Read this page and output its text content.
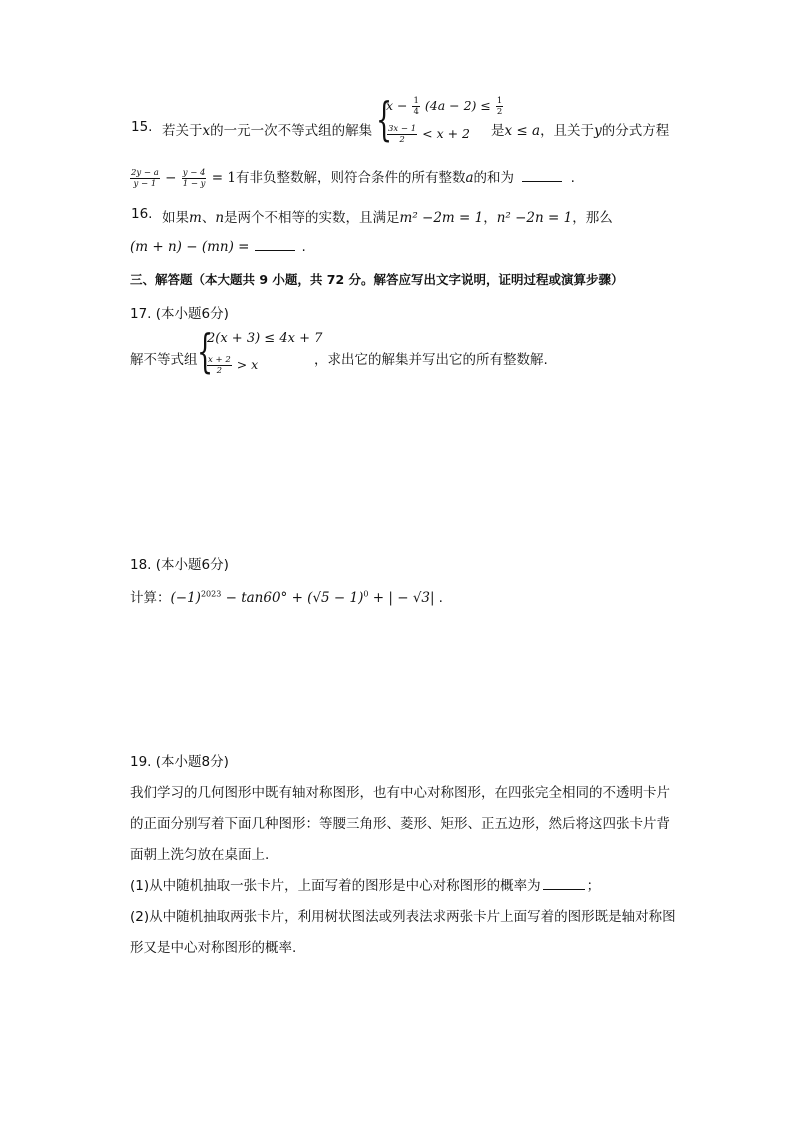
15. 若关于x的一元一次不等式组的解集 {
$x - \frac{1}{4} (4a - 2) \le \frac{1}{2}$
$\frac{3x - 1}{2} < x + 2$ 是x ≤ a，且关于y的分式方程
$\frac{2y - a}{y - 1} - \frac{y - 4}{1 - y} = 1$有非负整数解，则符合条件的所有整数a的和为	.
16. 如果m、n是两个不相等的实数，且满足m² −2m = 1，n² −2n = 1，那么
(m + n) − (mn) =	.
三、解答题（本大题共 9 小题，共 72 分。解答应写出文字说明，证明过程或演算步骤）
17. (本小题6分)
解不等式组 {
2(x + 3) ≤ 4x + 7
$\frac{x + 2}{2} > x$	，求出它的解集并写出它的所有整数解.
18. (本小题6分)
计算：$(-1)^{2023} - \tan 60^\circ + (√5 - 1)^0$ + | − √3| .
19. (本小题8分)
我们学习的几何图形中既有轴对称图形，也有中心对称图形，在四张完全相同的不透明卡片
的正面分别写着下面几种图形：等腰三角形、菱形、矩形、正五边形，然后将这四张卡片背
面朝上洗匀放在桌面上.
(1)从中随机抽取一张卡片，上面写着的图形是中心对称图形的概率为	；
(2)从中随机抽取两张卡片，利用树状图法或列表法求两张卡片上面写着的图形既是轴对称图
形又是中心对称图形的概率.
